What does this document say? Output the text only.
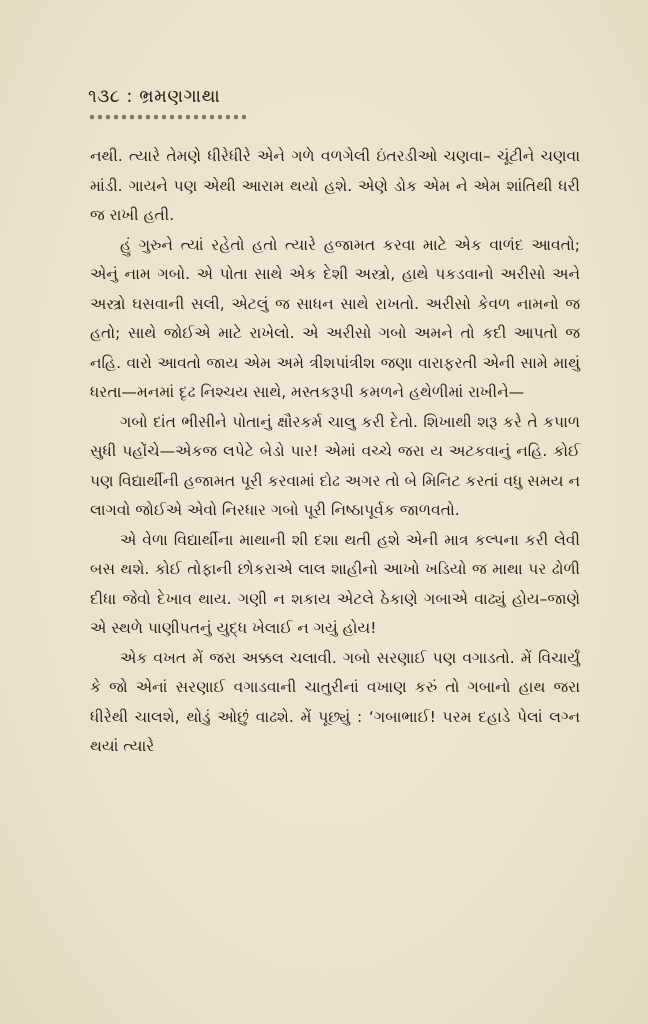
૧૩૮ : ભ્રમણગાથા

નથી. ત્યારે તેમણે ધીરેધીરે એને ગળે વળગેલી ઇંતરડીઓ ચણવા– ચૂંટીને ચણવા માંડી. ગાયને પણ એથી આરામ થયો હશે. એણે ડોક એમ ને એમ શાંતિથી ધરી જ રાખી હતી.

હું ગુરુને ત્યાં રહેતો હતો ત્યારે હજામત કરવા માટે એક વાળંદ આવતો; એનું નામ ગબો. એ પોતા સાથે એક દેશી અસ્ત્રો, હાથે પકડવાનો અરીસો અને અસ્ત્રો ઘસવાની સલી, એટલું જ સાધન સાથે રાખતો. અરીસો કેવળ નામનો જ હતો; સાથે જોઈએ માટે રાખેલો. એ અરીસો ગબો અમને તો કદી આપતો જ નહિ. વારો આવતો જાય એમ અમે ત્રીશપાંત્રીશ જણા વારાફરતી એની સામે માથું ધરતા—મનમાં દૃઢ નિશ્ચય સાથે, મસ્તકરૂપી કમળને હથેળીમાં રાખીને—

ગબો દાંત ભીસીને પોતાનું ક્ષૌરકર્મ ચાલુ કરી દેતો. શિખાથી શરૂ કરે તે કપાળ સુધી પહોંચે—એકજ લપેટે બેડો પાર! એમાં વચ્ચે જરા ય અટકવાનું નહિ. કોઈ પણ વિદ્યાર્થીની હજામત પૂરી કરવામાં દોઢ અગર તો બે મિનિટ કરતાં વધુ સમય ન લાગવો જોઈએ એવો નિરધાર ગબો પૂરી નિષ્ઠાપૂર્વક જાળવતો.

એ વેળા વિદ્યાર્થીના માથાની શી દશા થતી હશે એની માત્ર કલ્પના કરી લેવી બસ થશે. કોઈ તોફાની છોકરાએ લાલ શાહીનો આખો ખડિયો જ માથા પર ઢોળી દીધા જેવો દેખાવ થાય. ગણી ન શકાય એટલે ઠેકાણે ગબાએ વાઢ્યું હોય–જાણે એ સ્થળે પાણીપતનું યુદ્ધ ખેલાઈ ન ગયું હોય!

એક વખત મેં જરા અક્કલ ચલાવી. ગબો સરણાઈ પણ વગાડતો. મેં વિચાર્યું કે જો એનાં સરણાઈ વગાડવાની ચાતુરીનાં વખાણ કરું તો ગબાનો હાથ જરા ધીરેથી ચાલશે, થોડું ઓછું વાઢશે. મેં પૂછ્યું : ‘ગબાભાઈ! પરમ દહાડે પેલાં લગ્ન થયાં ત્યારે
